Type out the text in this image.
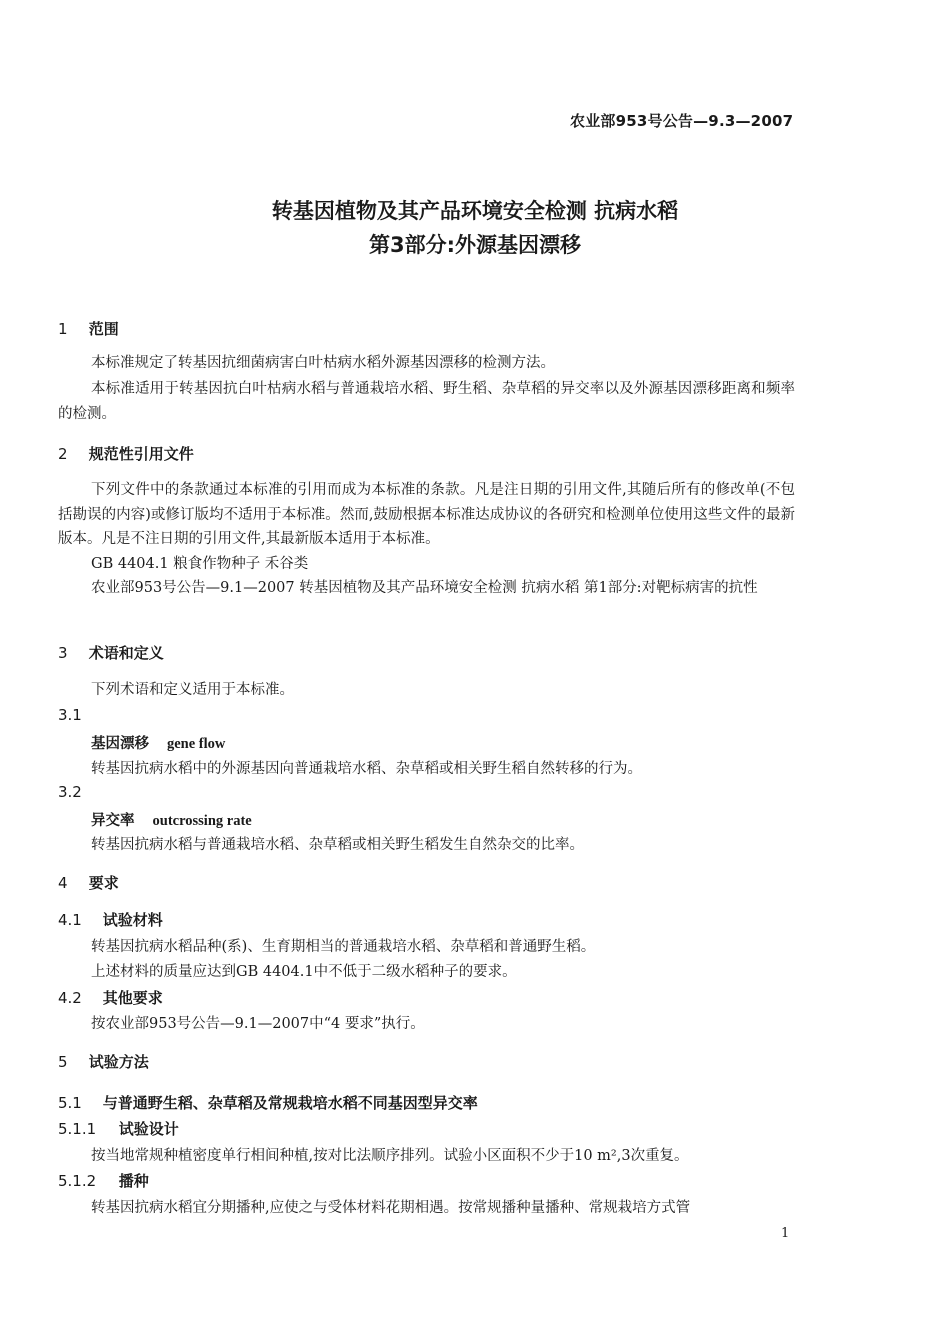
农业部953号公告—9.3—2007
转基因植物及其产品环境安全检测 抗病水稻
第3部分:外源基因漂移
1 范围
本标准规定了转基因抗细菌病害白叶枯病水稻外源基因漂移的检测方法。
本标准适用于转基因抗白叶枯病水稻与普通栽培水稻、野生稻、杂草稻的异交率以及外源基因漂移距离和频率的检测。
2 规范性引用文件
下列文件中的条款通过本标准的引用而成为本标准的条款。凡是注日期的引用文件,其随后所有的修改单(不包括勘误的内容)或修订版均不适用于本标准。然而,鼓励根据本标准达成协议的各研究和检测单位使用这些文件的最新版本。凡是不注日期的引用文件,其最新版本适用于本标准。
GB 4404.1 粮食作物种子 禾谷类
农业部953号公告—9.1—2007 转基因植物及其产品环境安全检测 抗病水稻 第1部分:对靶标病害的抗性
3 术语和定义
下列术语和定义适用于本标准。
3.1
基因漂移 gene flow
转基因抗病水稻中的外源基因向普通栽培水稻、杂草稻或相关野生稻自然转移的行为。
3.2
异交率 outcrossing rate
转基因抗病水稻与普通栽培水稻、杂草稻或相关野生稻发生自然杂交的比率。
4 要求
4.1 试验材料
转基因抗病水稻品种(系)、生育期相当的普通栽培水稻、杂草稻和普通野生稻。
上述材料的质量应达到GB 4404.1中不低于二级水稻种子的要求。
4.2 其他要求
按农业部953号公告—9.1—2007中“4 要求”执行。
5 试验方法
5.1 与普通野生稻、杂草稻及常规栽培水稻不同基因型异交率
5.1.1 试验设计
按当地常规种植密度单行相间种植,按对比法顺序排列。试验小区面积不少于10 m²,3次重复。
5.1.2 播种
转基因抗病水稻宜分期播种,应使之与受体材料花期相遇。按常规播种量播种、常规栽培方式管
1
